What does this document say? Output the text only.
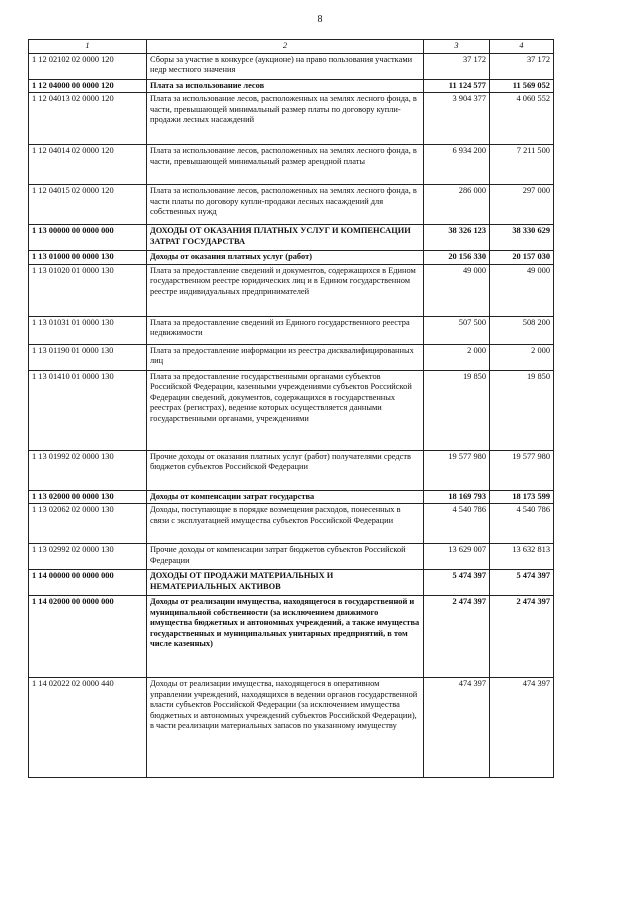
8
1	2	3	4
1 12 02102 02 0000 120	Сборы за участие в конкурсе (аукционе) на право пользования участками недр местного значения	37 172	37 172
1 12 04000 00 0000 120	Плата за использование лесов	11 124 577	11 569 052
1 12 04013 02 0000 120	Плата за использование лесов, расположенных на землях лесного фонда, в части, превышающей минимальный размер платы по договору купли-продажи лесных насаждений	3 904 377	4 060 552
1 12 04014 02 0000 120	Плата за использование лесов, расположенных на землях лесного фонда, в части, превышающей минимальный размер арендной платы	6 934 200	7 211 500
1 12 04015 02 0000 120	Плата за использование лесов, расположенных на землях лесного фонда, в части платы по договору купли-продажи лесных насаждений для собственных нужд	286 000	297 000
1 13 00000 00 0000 000	ДОХОДЫ ОТ ОКАЗАНИЯ ПЛАТНЫХ УСЛУГ И КОМПЕНСАЦИИ ЗАТРАТ ГОСУДАРСТВА	38 326 123	38 330 629
1 13 01000 00 0000 130	Доходы от оказания платных услуг (работ)	20 156 330	20 157 030
1 13 01020 01 0000 130	Плата за предоставление сведений и документов, содержащихся в Едином государственном реестре юридических лиц и в Едином государственном реестре индивидуальных предпринимателей	49 000	49 000
1 13 01031 01 0000 130	Плата за предоставление сведений из Единого государственного реестра недвижимости	507 500	508 200
1 13 01190 01 0000 130	Плата за предоставление информации из реестра дисквалифицированных лиц	2 000	2 000
1 13 01410 01 0000 130	Плата за предоставление государственными органами субъектов Российской Федерации, казенными учреждениями субъектов Российской Федерации сведений, документов, содержащихся в государственных реестрах (регистрах), ведение которых осуществляется данными государственными органами, учреждениями	19 850	19 850
1 13 01992 02 0000 130	Прочие доходы от оказания платных услуг (работ) получателями средств бюджетов субъектов Российской Федерации	19 577 980	19 577 980
1 13 02000 00 0000 130	Доходы от компенсации затрат государства	18 169 793	18 173 599
1 13 02062 02 0000 130	Доходы, поступающие в порядке возмещения расходов, понесенных в связи с эксплуатацией имущества субъектов Российской Федерации	4 540 786	4 540 786
1 13 02992 02 0000 130	Прочие доходы от компенсации затрат бюджетов субъектов Российской Федерации	13 629 007	13 632 813
1 14 00000 00 0000 000	ДОХОДЫ ОТ ПРОДАЖИ МАТЕРИАЛЬНЫХ И НЕМАТЕРИАЛЬНЫХ АКТИВОВ	5 474 397	5 474 397
1 14 02000 00 0000 000	Доходы от реализации имущества, находящегося в государственной и муниципальной собственности (за исключением движимого имущества бюджетных и автономных учреждений, а также имущества государственных и муниципальных унитарных предприятий, в том числе казенных)	2 474 397	2 474 397
1 14 02022 02 0000 440	Доходы от реализации имущества, находящегося в оперативном управлении учреждений, находящихся в ведении органов государственной власти субъектов Российской Федерации (за исключением имущества бюджетных и автономных учреждений субъектов Российской Федерации), в части реализации материальных запасов по указанному имуществу	474 397	474 397
